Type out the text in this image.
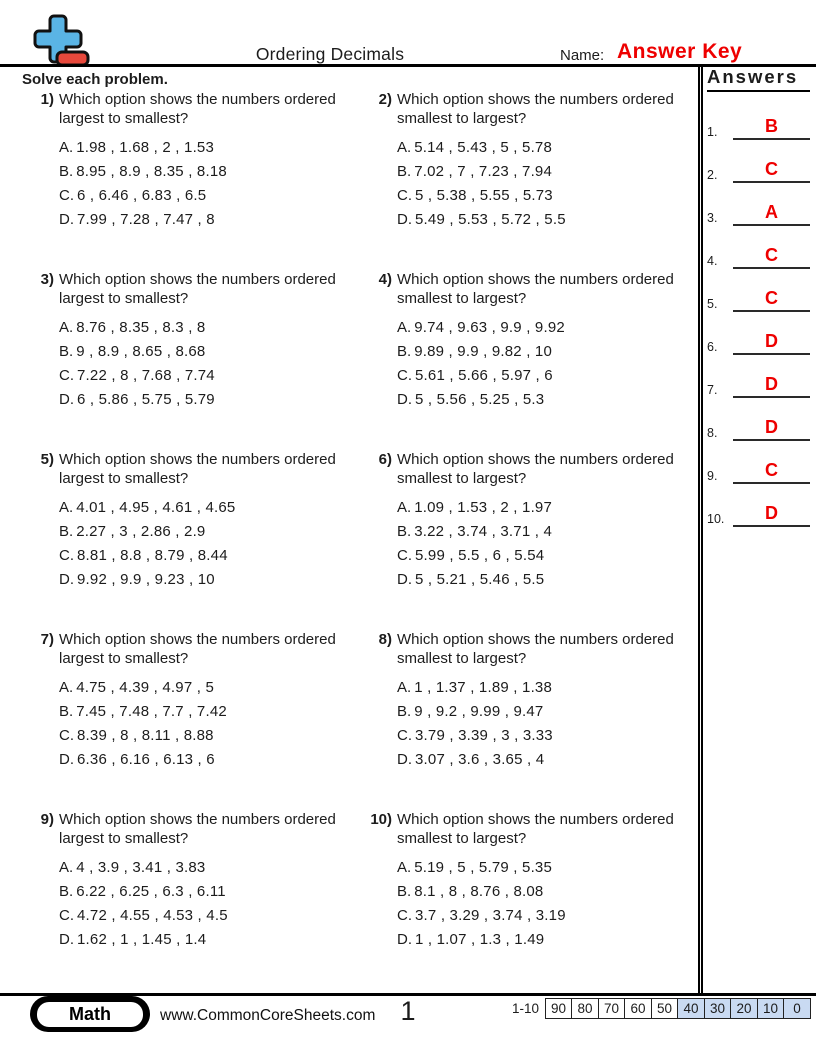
Ordering Decimals	Name: Answer Key
Solve each problem.
1) Which option shows the numbers ordered largest to smallest?
A. 1.98 , 1.68 , 2 , 1.53
B. 8.95 , 8.9 , 8.35 , 8.18
C. 6 , 6.46 , 6.83 , 6.5
D. 7.99 , 7.28 , 7.47 , 8
2) Which option shows the numbers ordered smallest to largest?
A. 5.14 , 5.43 , 5 , 5.78
B. 7.02 , 7 , 7.23 , 7.94
C. 5 , 5.38 , 5.55 , 5.73
D. 5.49 , 5.53 , 5.72 , 5.5
3) Which option shows the numbers ordered largest to smallest?
A. 8.76 , 8.35 , 8.3 , 8
B. 9 , 8.9 , 8.65 , 8.68
C. 7.22 , 8 , 7.68 , 7.74
D. 6 , 5.86 , 5.75 , 5.79
4) Which option shows the numbers ordered smallest to largest?
A. 9.74 , 9.63 , 9.9 , 9.92
B. 9.89 , 9.9 , 9.82 , 10
C. 5.61 , 5.66 , 5.97 , 6
D. 5 , 5.56 , 5.25 , 5.3
5) Which option shows the numbers ordered largest to smallest?
A. 4.01 , 4.95 , 4.61 , 4.65
B. 2.27 , 3 , 2.86 , 2.9
C. 8.81 , 8.8 , 8.79 , 8.44
D. 9.92 , 9.9 , 9.23 , 10
6) Which option shows the numbers ordered smallest to largest?
A. 1.09 , 1.53 , 2 , 1.97
B. 3.22 , 3.74 , 3.71 , 4
C. 5.99 , 5.5 , 6 , 5.54
D. 5 , 5.21 , 5.46 , 5.5
7) Which option shows the numbers ordered largest to smallest?
A. 4.75 , 4.39 , 4.97 , 5
B. 7.45 , 7.48 , 7.7 , 7.42
C. 8.39 , 8 , 8.11 , 8.88
D. 6.36 , 6.16 , 6.13 , 6
8) Which option shows the numbers ordered smallest to largest?
A. 1 , 1.37 , 1.89 , 1.38
B. 9 , 9.2 , 9.99 , 9.47
C. 3.79 , 3.39 , 3 , 3.33
D. 3.07 , 3.6 , 3.65 , 4
9) Which option shows the numbers ordered largest to smallest?
A. 4 , 3.9 , 3.41 , 3.83
B. 6.22 , 6.25 , 6.3 , 6.11
C. 4.72 , 4.55 , 4.53 , 4.5
D. 1.62 , 1 , 1.45 , 1.4
10) Which option shows the numbers ordered smallest to largest?
A. 5.19 , 5 , 5.79 , 5.35
B. 8.1 , 8 , 8.76 , 8.08
C. 3.7 , 3.29 , 3.74 , 3.19
D. 1 , 1.07 , 1.3 , 1.49
Answers
1.	B
2.	C
3.	A
4.	C
5.	C
6.	D
7.	D
8.	D
9.	C
10.	D
Math	www.CommonCoreSheets.com 1	1-10 90 80 70 60 50 40 30 20 10	0
